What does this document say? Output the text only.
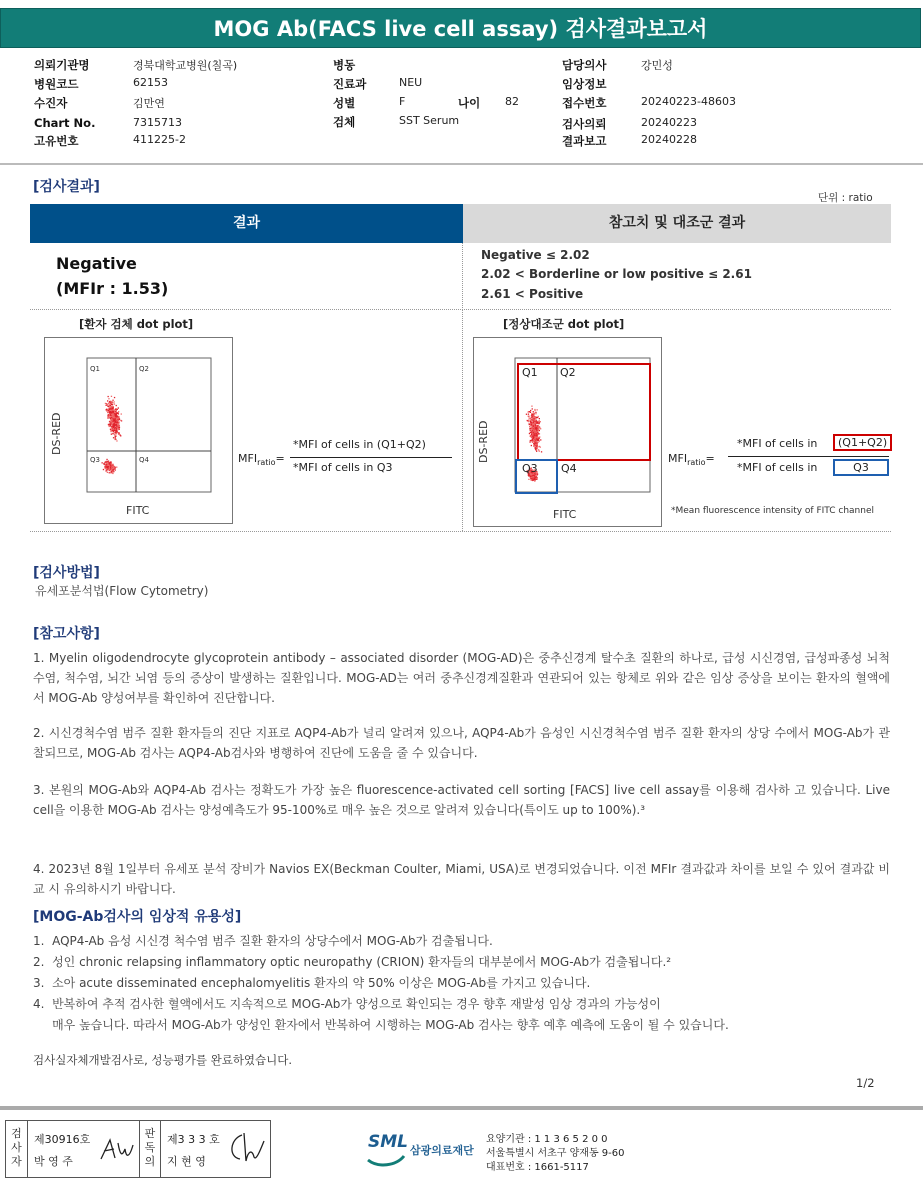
MOG Ab(FACS live cell assay) 검사결과보고서
의뢰기관명	경북대학교병원(칠곡)
병원코드	62153
수진자	김만연
Chart No.	7315713
고유번호	411225-2
병동
진료과	NEU
성별	F	나이 82
검체	SST Serum
담당의사	강민성
임상정보
접수번호	20240223-48603
검사의뢰	20240223
결과보고	20240228
[검사결과]
단위 : ratio
결과	참고치 및 대조군 결과
Negative
(MFIr : 1.53)
Negative ≤ 2.02
2.02 < Borderline or low positive ≤ 2.61
2.61 < Positive
[환자 검체 dot plot]
Q1	Q2
Q3	Q4
DS-RED
FITC
$MFI_{ratio}=$
*MFI of cells in (Q1+Q2)
*MFI of cells in Q3
[정상대조군 dot plot]
Q1 Q2
Q3 Q4
DS-RED
FITC
$MFI_{ratio}=$
*MFI of cells in	(Q1+Q2)
*MFI of cells in	Q3
*Mean fluorescence intensity of FITC channel
[검사방법]
유세포분석법(Flow Cytometry)
[참고사항]
1. Myelin oligodendrocyte glycoprotein antibody – associated disorder (MOG-AD)은 중추신경계 탈수초 질환의 하나로, 급성 시신경염, 급성파종성 뇌척수염, 척수염, 뇌간 뇌염 등의 증상이 발생하는 질환입니다. MOG-AD는 여러 중추신경계질환과 연관되어 있는 항체로 위와 같은 임상 증상을 보이는 환자의 혈액에서 MOG-Ab 양성여부를 확인하여 진단합니다.
2. 시신경척수염 범주 질환 환자들의 진단 지표로 AQP4-Ab가 널리 알려져 있으나, AQP4-Ab가 음성인 시신경척수염 범주 질환 환자의 상당 수에서 MOG-Ab가 관찰되므로, MOG-Ab 검사는 AQP4-Ab검사와 병행하여 진단에 도움을 줄 수 있습니다.
3. 본원의 MOG-Ab와 AQP4-Ab 검사는 정확도가 가장 높은 fluorescence-activated cell sorting [FACS] live cell assay를 이용해 검사하 고 있습니다. Live cell을 이용한 MOG-Ab 검사는 양성예측도가 95-100%로 매우 높은 것으로 알려져 있습니다(특이도 up to 100%).³
4. 2023년 8월 1일부터 유세포 분석 장비가 Navios EX(Beckman Coulter, Miami, USA)로 변경되었습니다. 이전 MFIr 결과값과 차이를 보일 수 있어 결과값 비교 시 유의하시기 바랍니다.
[MOG-Ab검사의 임상적 유용성]
1.  AQP4-Ab 음성 시신경 척수염 범주 질환 환자의 상당수에서 MOG-Ab가 검출됩니다.
2.  성인 chronic relapsing inflammatory optic neuropathy (CRION) 환자들의 대부분에서 MOG-Ab가 검출됩니다.²
3.  소아 acute disseminated encephalomyelitis 환자의 약 50% 이상은 MOG-Ab를 가지고 있습니다.
4.  반복하여 추적 검사한 혈액에서도 지속적으로 MOG-Ab가 양성으로 확인되는 경우 향후 재발성 임상 경과의 가능성이
매우 높습니다. 따라서 MOG-Ab가 양성인 환자에서 반복하여 시행하는 MOG-Ab 검사는 향후 예후 예측에 도움이 될 수 있습니다.
검사실자체개발검사로, 성능평가를 완료하였습니다.
1/2
검사자
제30916호
박 영 주
판독의
제3 3 3 호
지 현 영
SML 삼광의료재단
요양기관 : 1 1 3 6 5 2 0 0
서울특별시 서초구 양재동 9-60
대표번호 : 1661-5117
